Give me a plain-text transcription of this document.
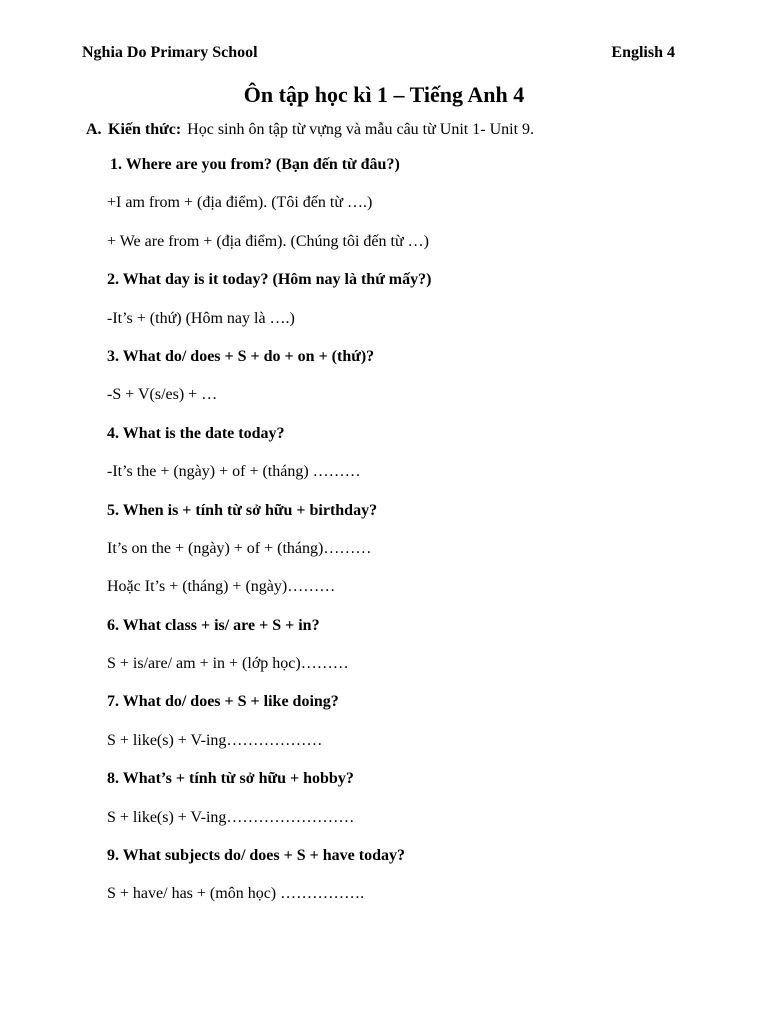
Nghia Do Primary School	English 4
Ôn tập học kì 1 – Tiếng Anh 4
A. Kiến thức: Học sinh ôn tập từ vựng và mẫu câu từ Unit 1- Unit 9.
1. Where are you from? (Bạn đến từ đâu?)
+I am from + (địa điểm). (Tôi đến từ ….)
+ We are from + (địa điểm). (Chúng tôi đến từ …)
2. What day is it today? (Hôm nay là thứ mấy?)
-It’s + (thứ) (Hôm nay là ….)
3. What do/ does + S + do + on + (thứ)?
-S + V(s/es) + …
4. What is the date today?
-It’s the + (ngày) + of + (tháng) ………
5. When is + tính từ sở hữu + birthday?
It’s on the + (ngày) + of + (tháng)………
Hoặc It’s + (tháng) + (ngày)………
6. What class + is/ are + S + in?
S + is/are/ am + in + (lớp học)………
7. What do/ does + S + like doing?
S + like(s) + V-ing………………
8. What’s + tính từ sở hữu + hobby?
S + like(s) + V-ing……………………
9. What subjects do/ does + S + have today?
S + have/ has + (môn học) …………….
